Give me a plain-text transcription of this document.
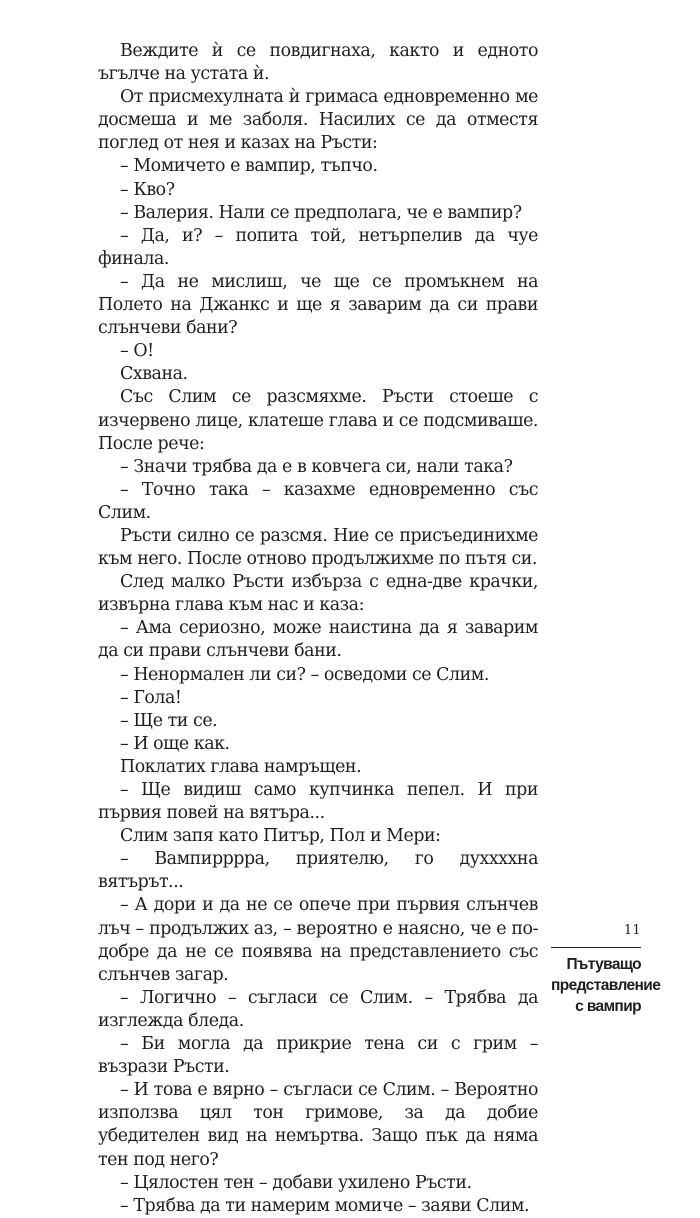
Веждите ѝ се повдигнаха, както и едното ъгълче на устата ѝ.

От присмехулната ѝ гримаса едновременно ме досмеша и ме заболя. Насилих се да отместя поглед от нея и казах на Ръсти:

– Момичето е вампир, тъпчо.

– Кво?

– Валерия. Нали се предполага, че е вампир?

– Да, и? – попита той, нетърпелив да чуе финала.

– Да не мислиш, че ще се промъкнем на Полето на Джанкс и ще я заварим да си прави слънчеви бани?

– О!

Схвана.

Със Слим се разсмяхме. Ръсти стоеше с изчервено лице, клатеше глава и се подсмиваше. После рече:

– Значи трябва да е в ковчега си, нали така?

– Точно така – казахме едновременно със Слим.

Ръсти силно се разсмя. Ние се присъединихме към него. После отново продължихме по пътя си.

След малко Ръсти избърза с една-две крачки, извърна глава към нас и каза:

– Ама сериозно, може наистина да я заварим да си прави слънчеви бани.

– Ненормален ли си? – осведоми се Слим.

– Гола!

– Ще ти се.

– И още как.

Поклатих глава намръщен.

– Ще видиш само купчинка пепел. И при първия повей на вятъра...

Слим запя като Питър, Пол и Мери:

– Вампирррра, приятелю, го духхххна вятърът...

– А дори и да не се опече при първия слънчев лъч – продължих аз, – вероятно е наясно, че е по-добре да не се появява на представлението със слънчев загар.

– Логично – съгласи се Слим. – Трябва да изглежда бледа.

– Би могла да прикрие тена си с грим – възрази Ръсти.

– И това е вярно – съгласи се Слим. – Вероятно използва цял тон гримове, за да добие убедителен вид на немъртва. Защо пък да няма тен под него?

– Цялостен тен – добави ухилено Ръсти.

– Трябва да ти намерим момиче – заяви Слим.

11
Пътуващо
представление
с вампир
